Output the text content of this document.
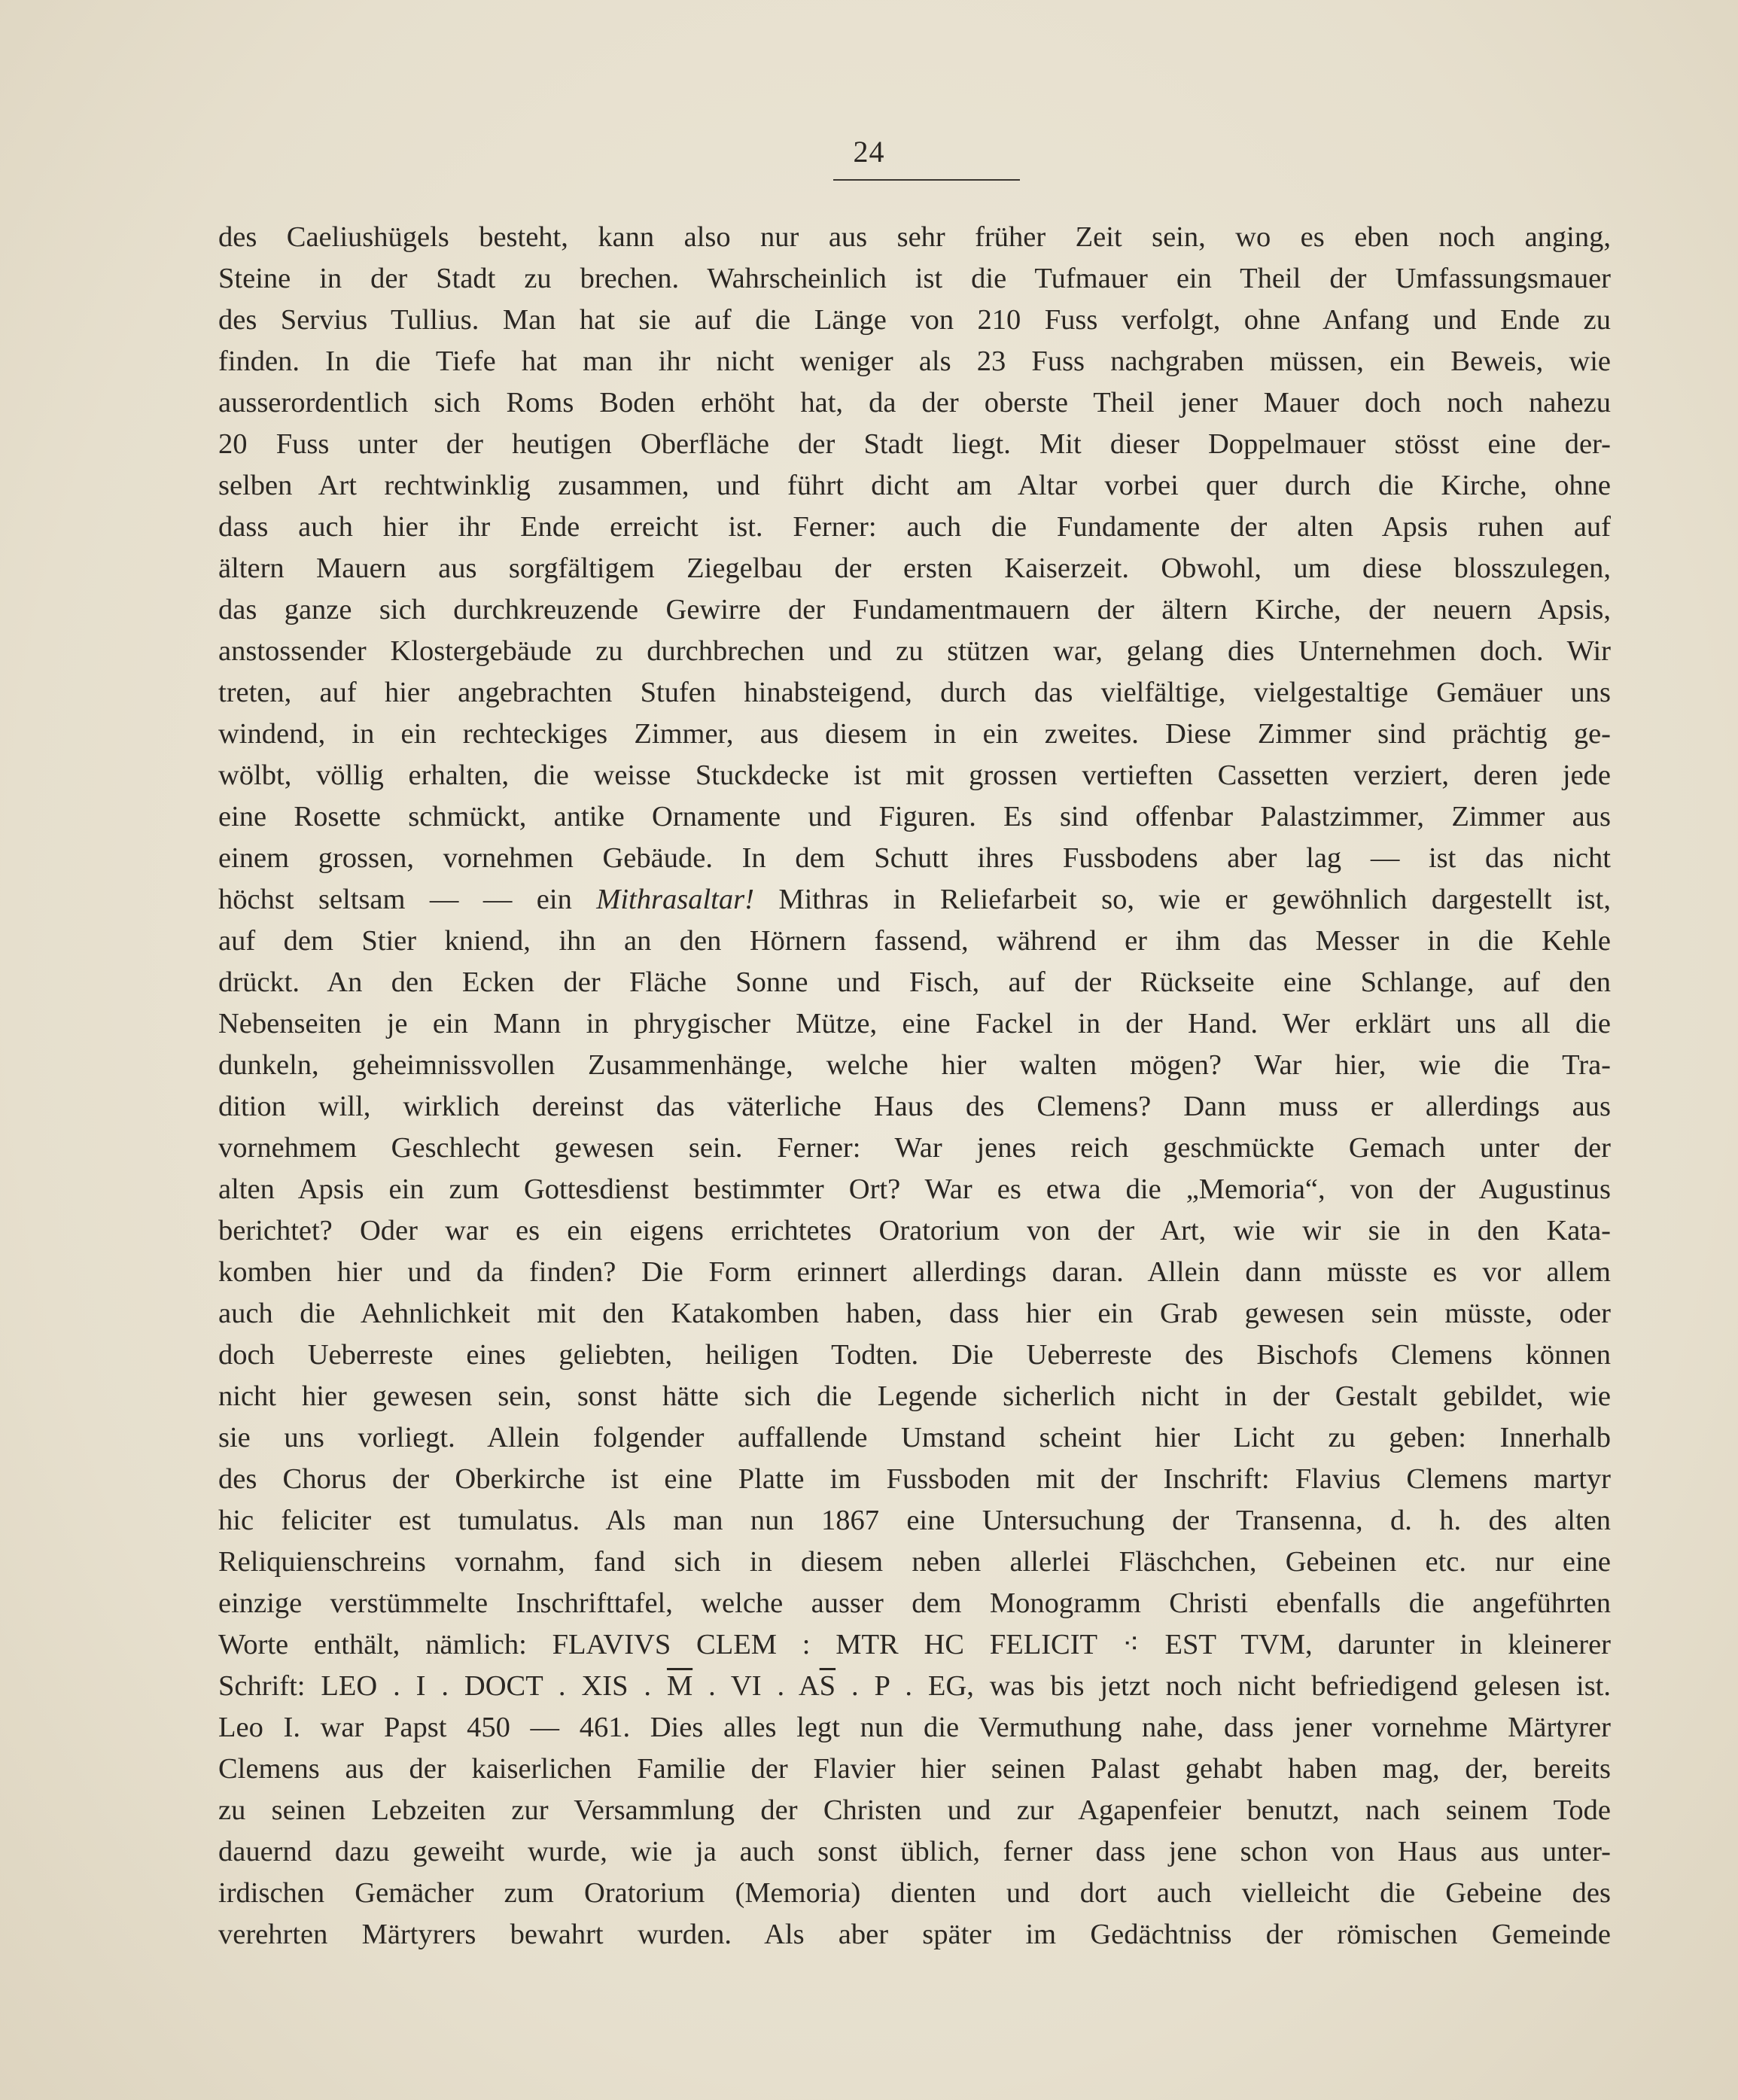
24
des Caeliushügels besteht, kann also nur aus sehr früher Zeit sein, wo es eben noch anging,
Steine in der Stadt zu brechen. Wahrscheinlich ist die Tufmauer ein Theil der Umfassungsmauer
des Servius Tullius. Man hat sie auf die Länge von 210 Fuss verfolgt, ohne Anfang und Ende zu
finden. In die Tiefe hat man ihr nicht weniger als 23 Fuss nachgraben müssen, ein Beweis, wie
ausserordentlich sich Roms Boden erhöht hat, da der oberste Theil jener Mauer doch noch nahezu
20 Fuss unter der heutigen Oberfläche der Stadt liegt. Mit dieser Doppelmauer stösst eine der-
selben Art rechtwinklig zusammen, und führt dicht am Altar vorbei quer durch die Kirche, ohne
dass auch hier ihr Ende erreicht ist. Ferner: auch die Fundamente der alten Apsis ruhen auf
ältern Mauern aus sorgfältigem Ziegelbau der ersten Kaiserzeit. Obwohl, um diese blosszulegen,
das ganze sich durchkreuzende Gewirre der Fundamentmauern der ältern Kirche, der neuern Apsis,
anstossender Klostergebäude zu durchbrechen und zu stützen war, gelang dies Unternehmen doch. Wir
treten, auf hier angebrachten Stufen hinabsteigend, durch das vielfältige, vielgestaltige Gemäuer uns
windend, in ein rechteckiges Zimmer, aus diesem in ein zweites. Diese Zimmer sind prächtig ge-
wölbt, völlig erhalten, die weisse Stuckdecke ist mit grossen vertieften Cassetten verziert, deren jede
eine Rosette schmückt, antike Ornamente und Figuren. Es sind offenbar Palastzimmer, Zimmer aus
einem grossen, vornehmen Gebäude. In dem Schutt ihres Fussbodens aber lag — ist das nicht
höchst seltsam — — ein Mithrasaltar! Mithras in Reliefarbeit so, wie er gewöhnlich dargestellt ist,
auf dem Stier kniend, ihn an den Hörnern fassend, während er ihm das Messer in die Kehle
drückt. An den Ecken der Fläche Sonne und Fisch, auf der Rückseite eine Schlange, auf den
Nebenseiten je ein Mann in phrygischer Mütze, eine Fackel in der Hand. Wer erklärt uns all die
dunkeln, geheimnissvollen Zusammenhänge, welche hier walten mögen? War hier, wie die Tra-
dition will, wirklich dereinst das väterliche Haus des Clemens? Dann muss er allerdings aus
vornehmem Geschlecht gewesen sein. Ferner: War jenes reich geschmückte Gemach unter der
alten Apsis ein zum Gottesdienst bestimmter Ort? War es etwa die „Memoria“, von der Augustinus
berichtet? Oder war es ein eigens errichtetes Oratorium von der Art, wie wir sie in den Kata-
komben hier und da finden? Die Form erinnert allerdings daran. Allein dann müsste es vor allem
auch die Aehnlichkeit mit den Katakomben haben, dass hier ein Grab gewesen sein müsste, oder
doch Ueberreste eines geliebten, heiligen Todten. Die Ueberreste des Bischofs Clemens können
nicht hier gewesen sein, sonst hätte sich die Legende sicherlich nicht in der Gestalt gebildet, wie
sie uns vorliegt. Allein folgender auffallende Umstand scheint hier Licht zu geben: Innerhalb
des Chorus der Oberkirche ist eine Platte im Fussboden mit der Inschrift: Flavius Clemens martyr
hic feliciter est tumulatus. Als man nun 1867 eine Untersuchung der Transenna, d. h. des alten
Reliquienschreins vornahm, fand sich in diesem neben allerlei Fläschchen, Gebeinen etc. nur eine
einzige verstümmelte Inschrifttafel, welche ausser dem Monogramm Christi ebenfalls die angeführten
Worte enthält, nämlich: FLAVIVS CLEM : MTR HC FELICIT ⁖ EST TVM, darunter in kleinerer
Schrift: LEO . I . DOCT . XIS . $\overline{M}$ . VI . $A\overline{S}$ . P . EG, was bis jetzt noch nicht befriedigend gelesen ist.
Leo I. war Papst 450 — 461. Dies alles legt nun die Vermuthung nahe, dass jener vornehme Märtyrer
Clemens aus der kaiserlichen Familie der Flavier hier seinen Palast gehabt haben mag, der, bereits
zu seinen Lebzeiten zur Versammlung der Christen und zur Agapenfeier benutzt, nach seinem Tode
dauernd dazu geweiht wurde, wie ja auch sonst üblich, ferner dass jene schon von Haus aus unter-
irdischen Gemächer zum Oratorium (Memoria) dienten und dort auch vielleicht die Gebeine des
verehrten Märtyrers bewahrt wurden. Als aber später im Gedächtniss der römischen Gemeinde
